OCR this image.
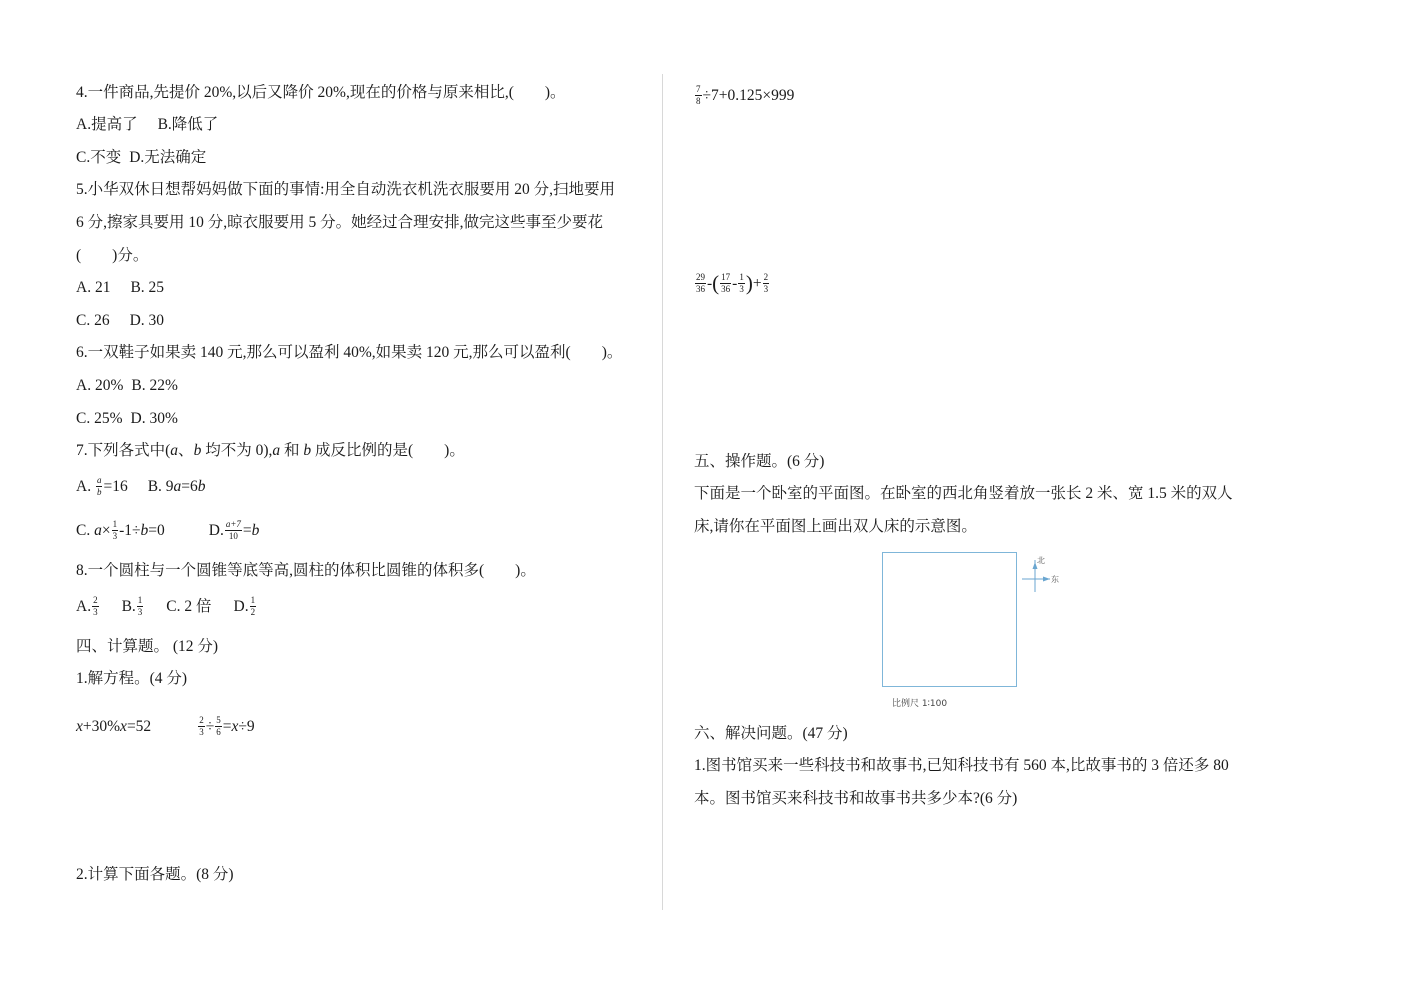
4.一件商品,先提价 20%,以后又降价 20%,现在的价格与原来相比,(　　)。
A.提高了 B.降低了
C.不变 D.无法确定
5.小华双休日想帮妈妈做下面的事情:用全自动洗衣机洗衣服要用 20 分,扫地要用
6 分,擦家具要用 10 分,晾衣服要用 5 分。她经过合理安排,做完这些事至少要花
(　　)分。
A. 21 B. 25
C. 26 D. 30
6.一双鞋子如果卖 140 元,那么可以盈利 40%,如果卖 120 元,那么可以盈利(　　)。
A. 20% B. 22%
C. 25% D. 30%
7.下列各式中(a、b 均不为 0),a 和 b 成反比例的是(　　)。
A. $\frac{a}{b} =16$ B. 9a=6b
C. $a\times \frac{1}{3} -1\div b=0$	D. $\frac{a+7}{10} =b$
8.一个圆柱与一个圆锥等底等高,圆柱的体积比圆锥的体积多(　　)。
A. $\frac{2}{3} B$. $\frac{1}{3} C$. 2 倍 D. $\frac{1}{2}$
四、计算题。 (12 分)
1.解方程。(4 分)
x+30%x=52	$\frac{2}{3} \div \frac{5}{6} =x\div 9$
2.计算下面各题。(8 分)
$\frac{7}{8} \div 7+0.125\times 999$
$\frac{29}{36}$ -( $\frac{17}{36} - \frac{1}{3}$ )+ $\frac{2}{3}$
五、操作题。(6 分)
下面是一个卧室的平面图。在卧室的西北角竖着放一张长 2 米、宽 1.5 米的双人
床,请你在平面图上画出双人床的示意图。
北
东
比例尺 1∶100
六、解决问题。(47 分)
1.图书馆买来一些科技书和故事书,已知科技书有 560 本,比故事书的 3 倍还多 80
本。图书馆买来科技书和故事书共多少本?(6 分)
